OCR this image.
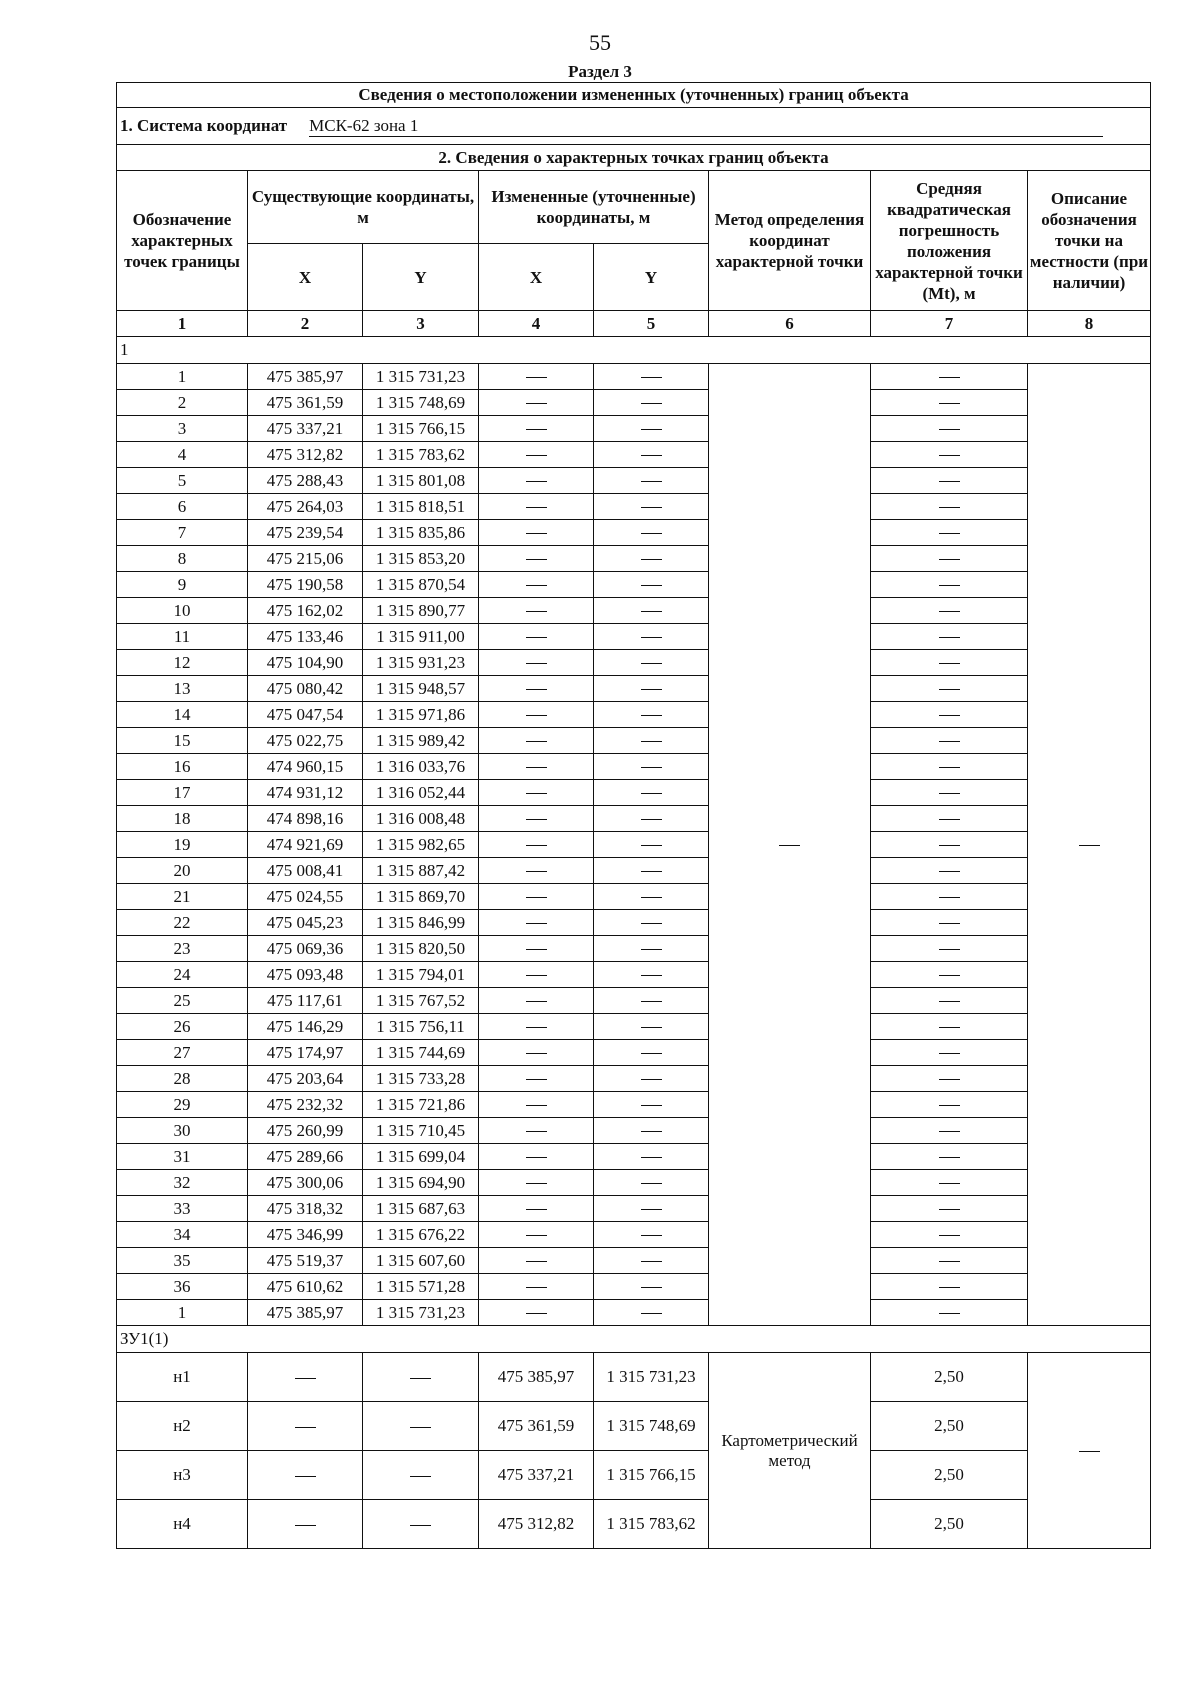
55
Раздел 3
Сведения о местоположении измененных (уточненных) границ объекта							
1. Система координат МСК-62 зона 1							
2. Сведения о характерных точках границ объекта							
Обозначение характерных точек границы	Существующие координаты, м		Измененные (уточненные) координаты, м		Метод определения координат характерной точки	Средняя квадратическая погрешность положения характерной точки (Mt), м	Описание обозначения точки на местности (при наличии)
	X	Y	X	Y			
1	2	3	4	5	6	7	8
1							
1	475 385,97	1 315 731,23					
2	475 361,59	1 315 748,69					
3	475 337,21	1 315 766,15					
4	475 312,82	1 315 783,62					
5	475 288,43	1 315 801,08					
6	475 264,03	1 315 818,51					
7	475 239,54	1 315 835,86					
8	475 215,06	1 315 853,20					
9	475 190,58	1 315 870,54					
10	475 162,02	1 315 890,77					
11	475 133,46	1 315 911,00					
12	475 104,90	1 315 931,23					
13	475 080,42	1 315 948,57					
14	475 047,54	1 315 971,86					
15	475 022,75	1 315 989,42					
16	474 960,15	1 316 033,76					
17	474 931,12	1 316 052,44					
18	474 898,16	1 316 008,48					
19	474 921,69	1 315 982,65					
20	475 008,41	1 315 887,42					
21	475 024,55	1 315 869,70					
22	475 045,23	1 315 846,99					
23	475 069,36	1 315 820,50					
24	475 093,48	1 315 794,01					
25	475 117,61	1 315 767,52					
26	475 146,29	1 315 756,11					
27	475 174,97	1 315 744,69					
28	475 203,64	1 315 733,28					
29	475 232,32	1 315 721,86					
30	475 260,99	1 315 710,45					
31	475 289,66	1 315 699,04					
32	475 300,06	1 315 694,90					
33	475 318,32	1 315 687,63					
34	475 346,99	1 315 676,22					
35	475 519,37	1 315 607,60					
36	475 610,62	1 315 571,28					
1	475 385,97	1 315 731,23					
ЗУ1(1)							
н1			475 385,97	1 315 731,23	Картометрический метод	2,50	
н2			475 361,59	1 315 748,69		2,50	
н3			475 337,21	1 315 766,15		2,50	
н4			475 312,82	1 315 783,62		2,50	
